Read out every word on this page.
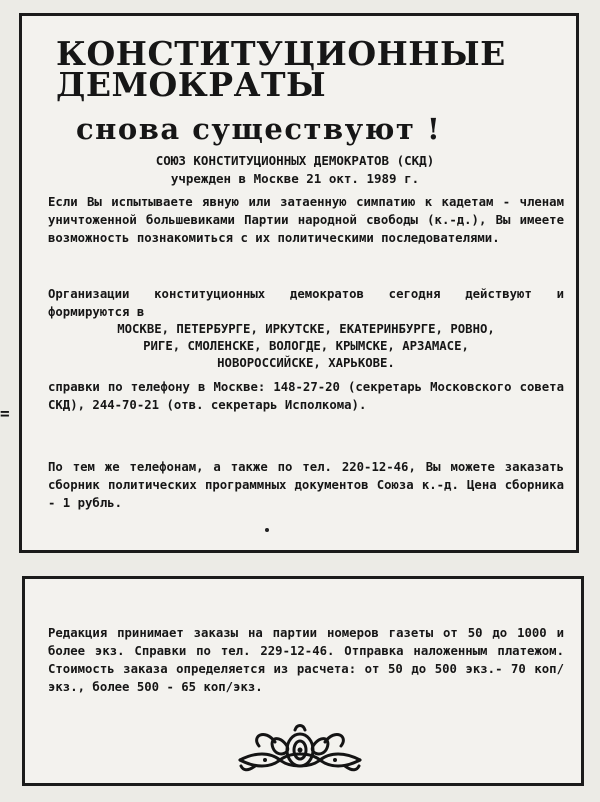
=
КОНСТИТУЦИОННЫЕ
ДЕМОКРАТЫ
снова существуют !
СОЮЗ КОНСТИТУЦИОННЫХ ДЕМОКРАТОВ (СКД)
учрежден в Москве 21 окт. 1989 г.

Если Вы испытываете явную или затаенную симпатию к кадетам - членам уничтоженной большевиками Партии народной свободы (к.-д.), Вы имеете возможность познакомиться с их политическими последователями.

Организации конституционных демократов сегодня действуют и формируются в

МОСКВЕ, ПЕТЕРБУРГЕ, ИРКУТСКЕ, ЕКАТЕРИНБУРГЕ, РОВНО,
РИГЕ, СМОЛЕНСКЕ, ВОЛОГДЕ, КРЫМСКЕ, АРЗАМАСЕ,
НОВОРОССИЙСКЕ, ХАРЬКОВЕ.

справки по телефону в Москве: 148-27-20 (секретарь Московского совета СКД), 244-70-21 (отв. секретарь Исполкома).

По тем же телефонам, а также по тел. 220-12-46, Вы можете заказать сборник политических программных документов Союза к.-д. Цена сборника - 1 рубль.

Редакция принимает заказы на партии номеров газеты от 50 до 1000 и более экз. Справки по тел. 229-12-46. Отправка наложенным платежом. Стоимость заказа определяется из расчета: от 50 до 500 экз.- 70 коп/экз., более 500 - 65 коп/экз.
